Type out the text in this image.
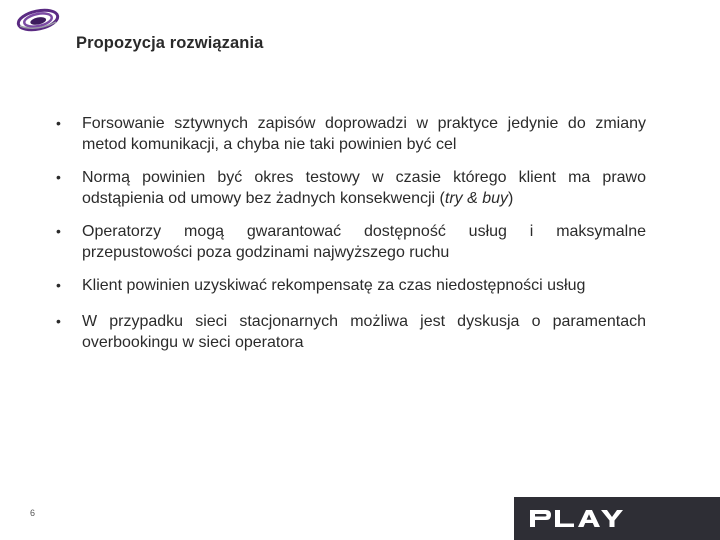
Propozycja rozwiązania
•	Forsowanie sztywnych zapisów doprowadzi w praktyce jedynie do zmiany metod komunikacji, a chyba nie taki powinien być cel
•	Normą powinien być okres testowy w czasie którego klient ma prawo odstąpienia od umowy bez żadnych konsekwencji (try & buy)
•	Operatorzy mogą gwarantować dostępność usług i maksymalne przepustowości poza godzinami najwyższego ruchu
•	Klient powinien uzyskiwać rekompensatę za czas niedostępności usług
•	W przypadku sieci stacjonarnych możliwa jest dyskusja o paramentach overbookingu w sieci operatora
6
